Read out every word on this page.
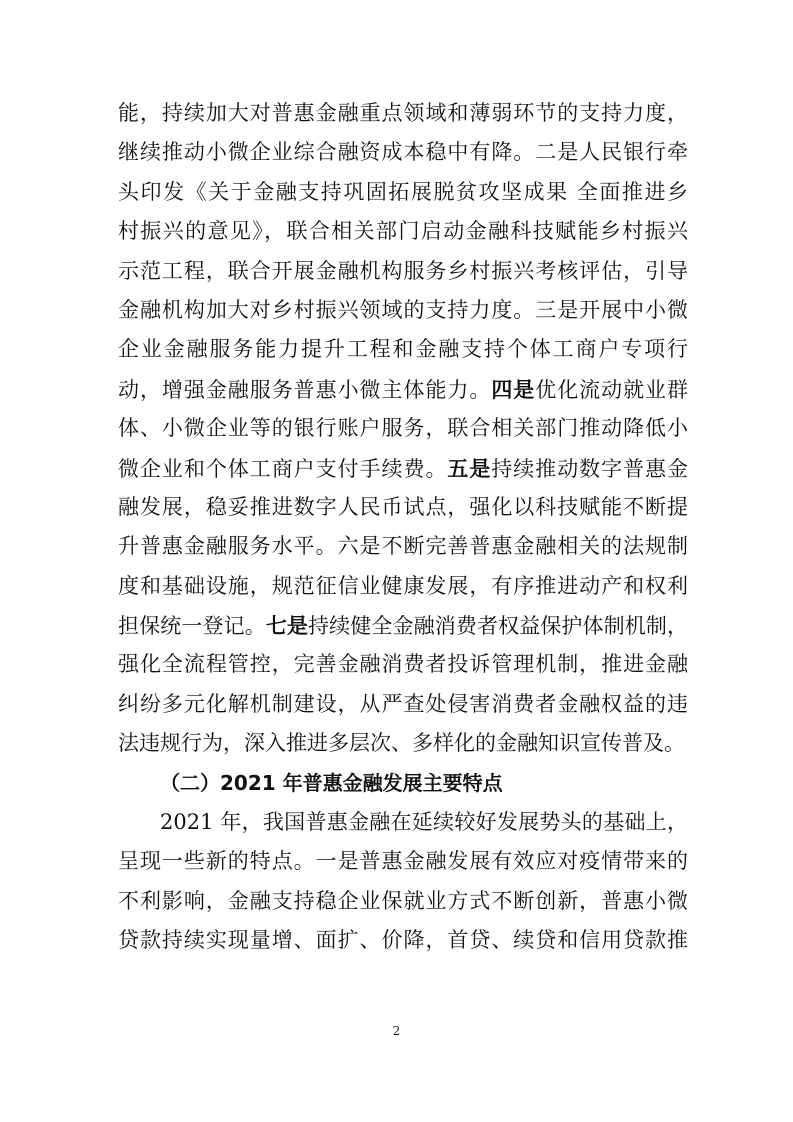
能，持续加大对普惠金融重点领域和薄弱环节的支持力度，
继续推动小微企业综合融资成本稳中有降。二是人民银行牵
头印发《关于金融支持巩固拓展脱贫攻坚成果 全面推进乡
村振兴的意见》，联合相关部门启动金融科技赋能乡村振兴
示范工程，联合开展金融机构服务乡村振兴考核评估，引导
金融机构加大对乡村振兴领域的支持力度。三是开展中小微
企业金融服务能力提升工程和金融支持个体工商户专项行
动，增强金融服务普惠小微主体能力。四是优化流动就业群
体、小微企业等的银行账户服务，联合相关部门推动降低小
微企业和个体工商户支付手续费。五是持续推动数字普惠金
融发展，稳妥推进数字人民币试点，强化以科技赋能不断提
升普惠金融服务水平。六是不断完善普惠金融相关的法规制
度和基础设施，规范征信业健康发展，有序推进动产和权利
担保统一登记。七是持续健全金融消费者权益保护体制机制，
强化全流程管控，完善金融消费者投诉管理机制，推进金融
纠纷多元化解机制建设，从严查处侵害消费者金融权益的违
法违规行为，深入推进多层次、多样化的金融知识宣传普及。
（二）2021 年普惠金融发展主要特点
2021 年，我国普惠金融在延续较好发展势头的基础上，
呈现一些新的特点。一是普惠金融发展有效应对疫情带来的
不利影响，金融支持稳企业保就业方式不断创新，普惠小微
贷款持续实现量增、面扩、价降，首贷、续贷和信用贷款推
2
